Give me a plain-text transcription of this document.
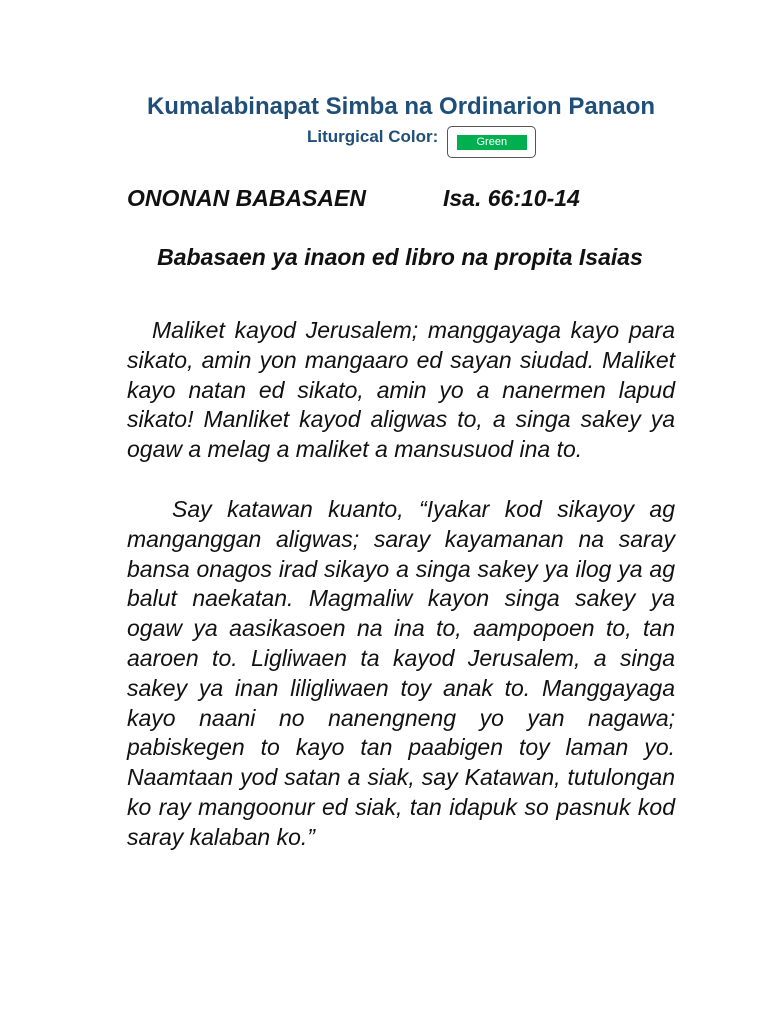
Kumalabinapat Simba na Ordinarion Panaon
Liturgical Color:	Green
ONONAN BABASAEN	Isa. 66:10-14
Babasaen ya inaon ed libro na propita Isaias

Maliket kayod Jerusalem; manggayaga kayo para sikato, amin yon mangaaro ed sayan siudad. Maliket kayo natan ed sikato, amin yo a nanermen lapud sikato! Manliket kayod aligwas to, a singa sakey ya ogaw a melag a maliket a mansusuod ina to.

Say katawan kuanto, “Iyakar kod sikayoy ag manganggan aligwas; saray kayamanan na saray bansa onagos irad sikayo a singa sakey ya ilog ya ag balut naekatan. Magmaliw kayon singa sakey ya ogaw ya aasikasoen na ina to, aampopoen to, tan aaroen to. Ligliwaen ta kayod Jerusalem, a singa sakey ya inan liligliwaen toy anak to. Manggayaga kayo naani no nanengneng yo yan nagawa; pabiskegen to kayo tan paabigen toy laman yo. Naamtaan yod satan a siak, say Katawan, tutulongan ko ray mangoonur ed siak, tan idapuk so pasnuk kod saray kalaban ko.”
